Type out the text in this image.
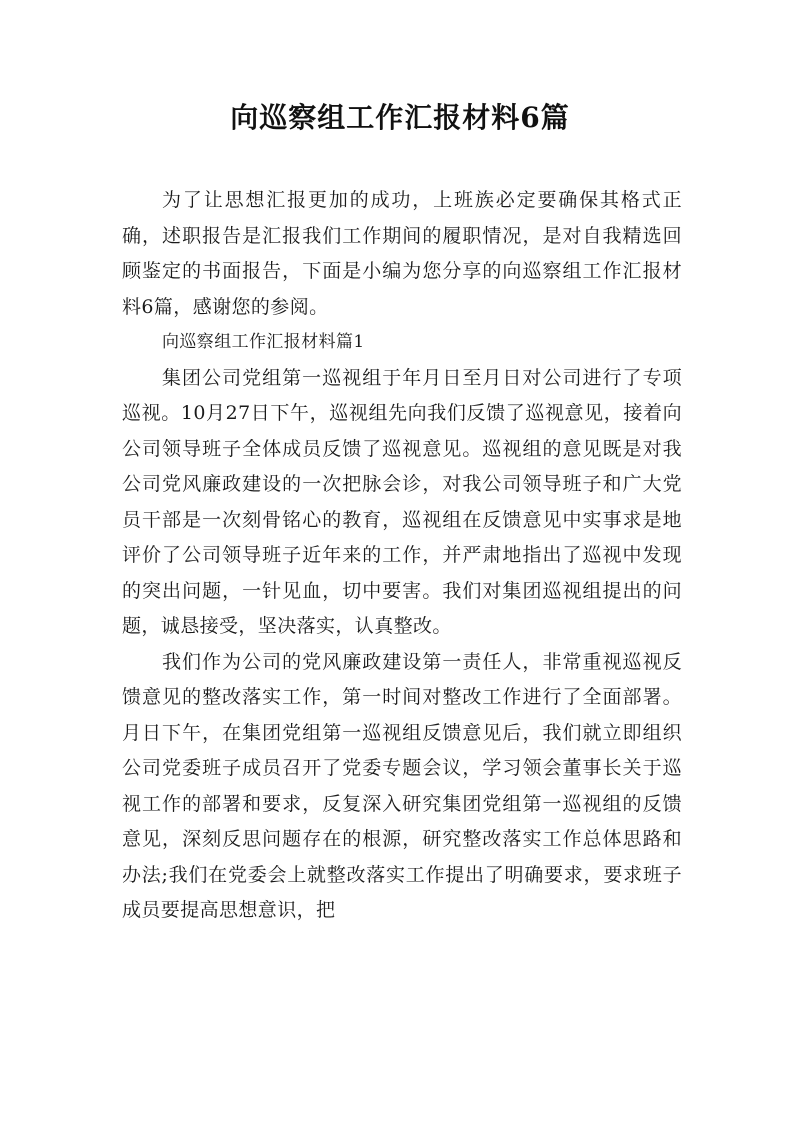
向巡察组工作汇报材料6篇

为了让思想汇报更加的成功，上班族必定要确保其格式正确，述职报告是汇报我们工作期间的履职情况，是对自我精选回顾鉴定的书面报告，下面是小编为您分享的向巡察组工作汇报材料6篇，感谢您的参阅。

向巡察组工作汇报材料篇1

集团公司党组第一巡视组于年月日至月日对公司进行了专项巡视。10月27日下午，巡视组先向我们反馈了巡视意见，接着向公司领导班子全体成员反馈了巡视意见。巡视组的意见既是对我公司党风廉政建设的一次把脉会诊，对我公司领导班子和广大党员干部是一次刻骨铭心的教育，巡视组在反馈意见中实事求是地评价了公司领导班子近年来的工作，并严肃地指出了巡视中发现的突出问题，一针见血，切中要害。我们对集团巡视组提出的问题，诚恳接受，坚决落实，认真整改。

我们作为公司的党风廉政建设第一责任人，非常重视巡视反馈意见的整改落实工作，第一时间对整改工作进行了全面部署。月日下午，在集团党组第一巡视组反馈意见后，我们就立即组织公司党委班子成员召开了党委专题会议，学习领会董事长关于巡视工作的部署和要求，反复深入研究集团党组第一巡视组的反馈意见，深刻反思问题存在的根源，研究整改落实工作总体思路和办法;我们在党委会上就整改落实工作提出了明确要求，要求班子成员要提高思想意识，把
